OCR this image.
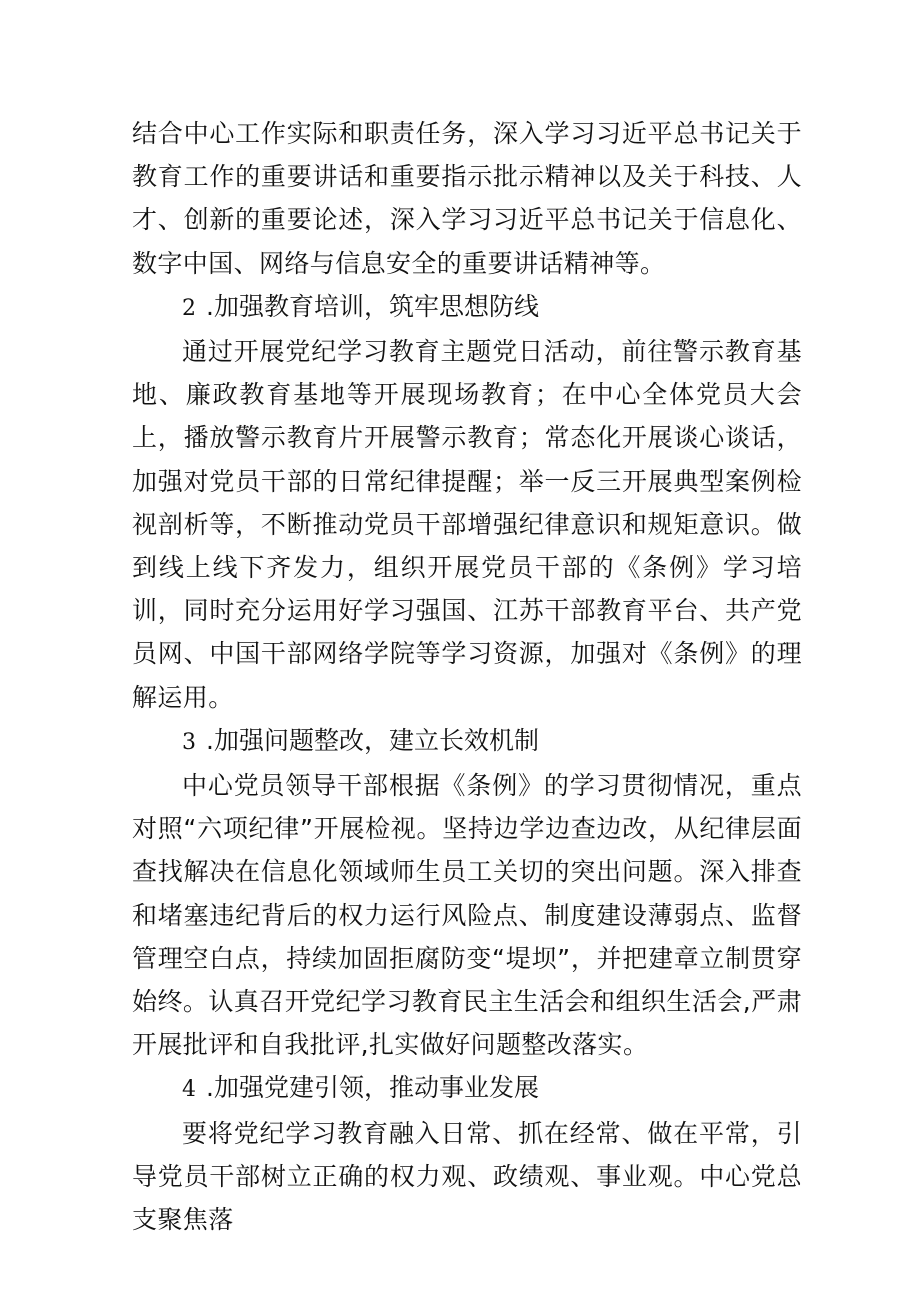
结合中心工作实际和职责任务，深入学习习近平总书记关于教育工作的重要讲话和重要指示批示精神以及关于科技、人才、创新的重要论述，深入学习习近平总书记关于信息化、数字中国、网络与信息安全的重要讲话精神等。

2 .加强教育培训，筑牢思想防线

通过开展党纪学习教育主题党日活动，前往警示教育基地、廉政教育基地等开展现场教育；在中心全体党员大会上，播放警示教育片开展警示教育；常态化开展谈心谈话，加强对党员干部的日常纪律提醒；举一反三开展典型案例检视剖析等，不断推动党员干部增强纪律意识和规矩意识。做到线上线下齐发力，组织开展党员干部的《条例》学习培训，同时充分运用好学习强国、江苏干部教育平台、共产党员网、中国干部网络学院等学习资源，加强对《条例》的理解运用。

3 .加强问题整改，建立长效机制

中心党员领导干部根据《条例》的学习贯彻情况，重点对照“六项纪律”开展检视。坚持边学边查边改，从纪律层面查找解决在信息化领域师生员工关切的突出问题。深入排查和堵塞违纪背后的权力运行风险点、制度建设薄弱点、监督管理空白点，持续加固拒腐防变“堤坝”，并把建章立制贯穿始终。认真召开党纪学习教育民主生活会和组织生活会,严肃开展批评和自我批评,扎实做好问题整改落实。

4 .加强党建引领，推动事业发展

要将党纪学习教育融入日常、抓在经常、做在平常，引导党员干部树立正确的权力观、政绩观、事业观。中心党总支聚焦落
